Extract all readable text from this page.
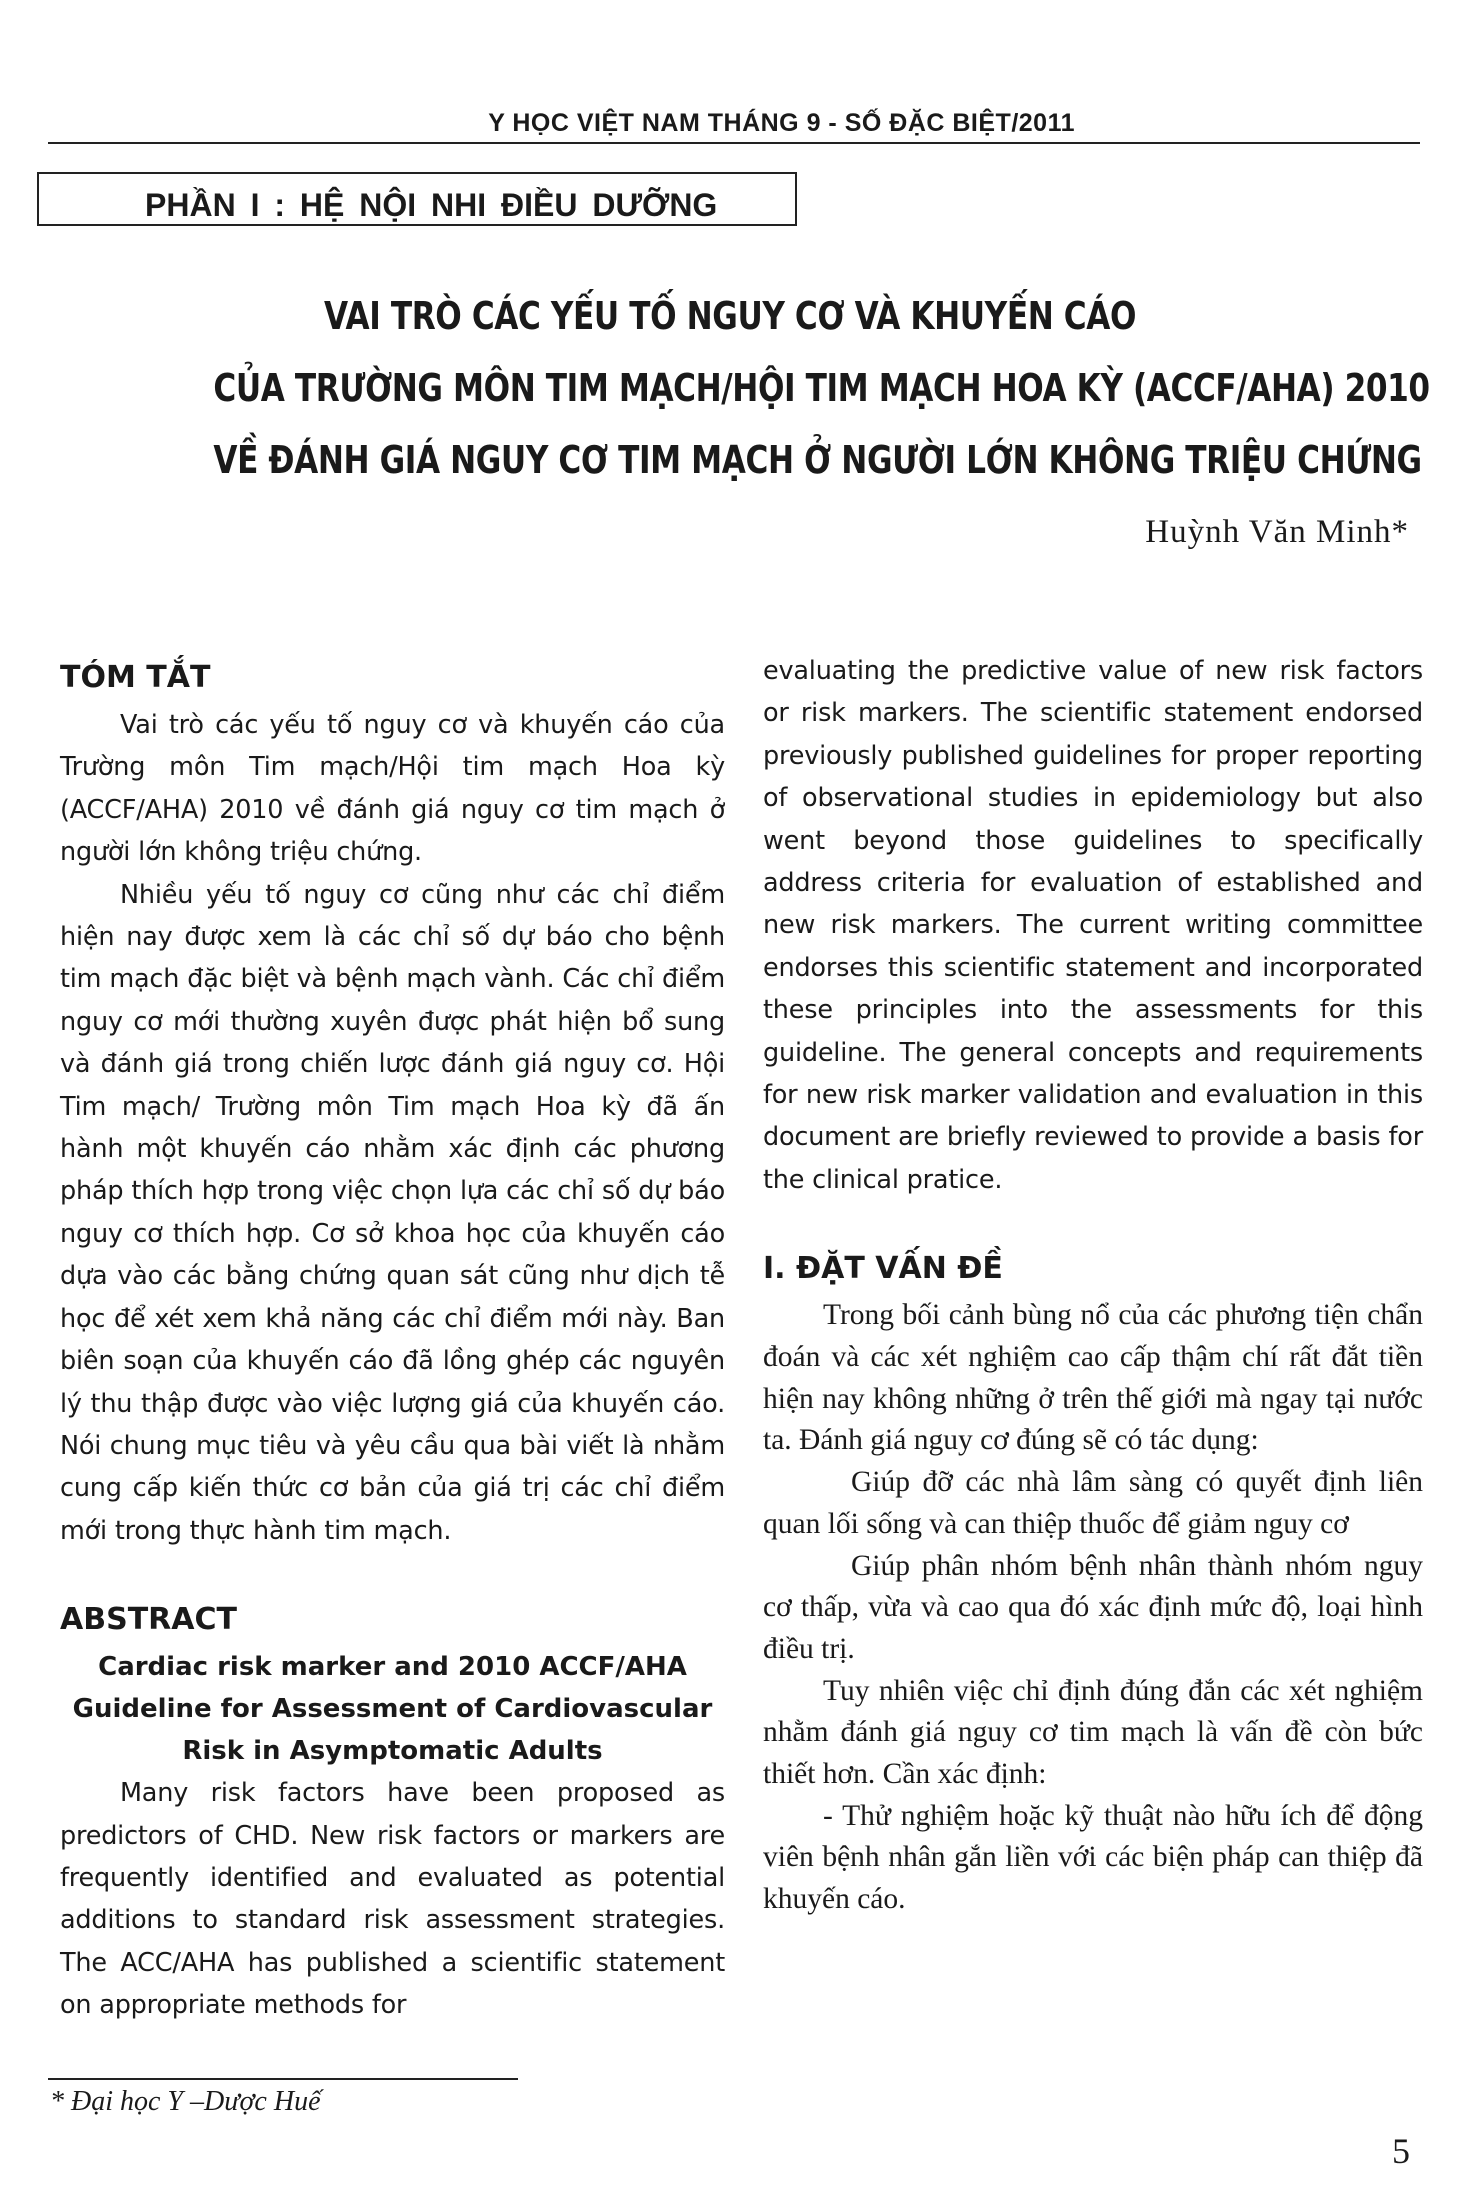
Y HỌC VIỆT NAM THÁNG 9 - SỐ ĐẶC BIỆT/2011
PHẦN I : HỆ NỘI NHI ĐIỀU DƯỠNG
VAI TRÒ CÁC YẾU TỐ NGUY CƠ VÀ KHUYẾN CÁO
CỦA TRƯỜNG MÔN TIM MẠCH/HỘI TIM MẠCH HOA KỲ (ACCF/AHA) 2010
VỀ ĐÁNH GIÁ NGUY CƠ TIM MẠCH Ở NGƯỜI LỚN KHÔNG TRIỆU CHỨNG
Huỳnh Văn Minh*
TÓM TẮT

Vai trò các yếu tố nguy cơ và khuyến cáo của Trường môn Tim mạch/Hội tim mạch Hoa kỳ (ACCF/AHA) 2010 về đánh giá nguy cơ tim mạch ở người lớn không triệu chứng.

Nhiều yếu tố nguy cơ cũng như các chỉ điểm hiện nay được xem là các chỉ số dự báo cho bệnh tim mạch đặc biệt và bệnh mạch vành. Các chỉ điểm nguy cơ mới thường xuyên được phát hiện bổ sung và đánh giá trong chiến lược đánh giá nguy cơ. Hội Tim mạch/ Trường môn Tim mạch Hoa kỳ đã ấn hành một khuyến cáo nhằm xác định các phương pháp thích hợp trong việc chọn lựa các chỉ số dự báo nguy cơ thích hợp. Cơ sở khoa học của khuyến cáo dựa vào các bằng chứng quan sát cũng như dịch tễ học để xét xem khả năng các chỉ điểm mới này. Ban biên soạn của khuyến cáo đã lồng ghép các nguyên lý thu thập được vào việc lượng giá của khuyến cáo. Nói chung mục tiêu và yêu cầu qua bài viết là nhằm cung cấp kiến thức cơ bản của giá trị các chỉ điểm mới trong thực hành tim mạch.

ABSTRACT
Cardiac risk marker and 2010 ACCF/AHA
Guideline for Assessment of Cardiovascular
Risk in Asymptomatic Adults

Many risk factors have been proposed as predictors of CHD. New risk factors or markers are frequently identified and evaluated as potential additions to standard risk assessment strategies. The ACC/AHA has published a scientific statement on appropriate methods for

evaluating the predictive value of new risk factors or risk markers. The scientific statement endorsed previously published guidelines for proper reporting of observational studies in epidemiology but also went beyond those guidelines to specifically address criteria for evaluation of established and new risk markers. The current writing committee endorses this scientific statement and incorporated these principles into the assessments for this guideline. The general concepts and requirements for new risk marker validation and evaluation in this document are briefly reviewed to provide a basis for the clinical pratice.

I. ĐẶT VẤN ĐỀ

Trong bối cảnh bùng nổ của các phương tiện chẩn đoán và các xét nghiệm cao cấp thậm chí rất đắt tiền hiện nay không những ở trên thế giới mà ngay tại nước ta. Đánh giá nguy cơ đúng sẽ có tác dụng:

Giúp đỡ các nhà lâm sàng có quyết định liên quan lối sống và can thiệp thuốc để giảm nguy cơ

Giúp phân nhóm bệnh nhân thành nhóm nguy cơ thấp, vừa và cao qua đó xác định mức độ, loại hình điều trị.

Tuy nhiên việc chỉ định đúng đắn các xét nghiệm nhằm đánh giá nguy cơ tim mạch là vấn đề còn bức thiết hơn. Cần xác định:

- Thử nghiệm hoặc kỹ thuật nào hữu ích để động viên bệnh nhân gắn liền với các biện pháp can thiệp đã khuyến cáo.

* Đại học Y –Dược Huế
5
